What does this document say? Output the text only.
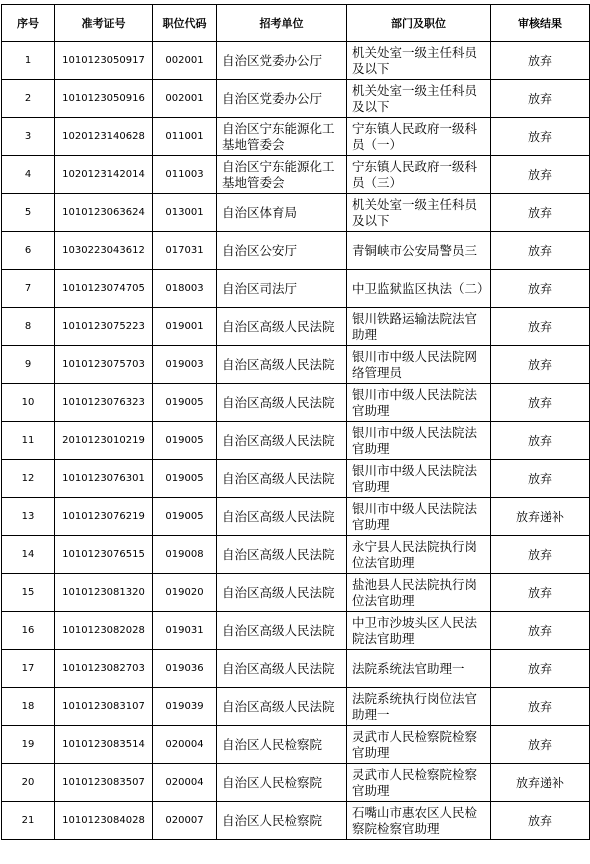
序号	准考证号	职位代码	招考单位	部门及职位	审核结果
1	1010123050917	002001	自治区党委办公厅	机关处室一级主任科员及以下	放弃
2	1010123050916	002001	自治区党委办公厅	机关处室一级主任科员及以下	放弃
3	1020123140628	011001	自治区宁东能源化工基地管委会	宁东镇人民政府一级科员（一）	放弃
4	1020123142014	011003	自治区宁东能源化工基地管委会	宁东镇人民政府一级科员（三）	放弃
5	1010123063624	013001	自治区体育局	机关处室一级主任科员及以下	放弃
6	1030223043612	017031	自治区公安厅	青铜峡市公安局警员三	放弃
7	1010123074705	018003	自治区司法厅	中卫监狱监区执法（二）	放弃
8	1010123075223	019001	自治区高级人民法院	银川铁路运输法院法官助理	放弃
9	1010123075703	019003	自治区高级人民法院	银川市中级人民法院网络管理员	放弃
10	1010123076323	019005	自治区高级人民法院	银川市中级人民法院法官助理	放弃
11	2010123010219	019005	自治区高级人民法院	银川市中级人民法院法官助理	放弃
12	1010123076301	019005	自治区高级人民法院	银川市中级人民法院法官助理	放弃
13	1010123076219	019005	自治区高级人民法院	银川市中级人民法院法官助理	放弃递补
14	1010123076515	019008	自治区高级人民法院	永宁县人民法院执行岗位法官助理	放弃
15	1010123081320	019020	自治区高级人民法院	盐池县人民法院执行岗位法官助理	放弃
16	1010123082028	019031	自治区高级人民法院	中卫市沙坡头区人民法院法官助理	放弃
17	1010123082703	019036	自治区高级人民法院	法院系统法官助理一	放弃
18	1010123083107	019039	自治区高级人民法院	法院系统执行岗位法官助理一	放弃
19	1010123083514	020004	自治区人民检察院	灵武市人民检察院检察官助理	放弃
20	1010123083507	020004	自治区人民检察院	灵武市人民检察院检察官助理	放弃递补
21	1010123084028	020007	自治区人民检察院	石嘴山市惠农区人民检察院检察官助理	放弃
